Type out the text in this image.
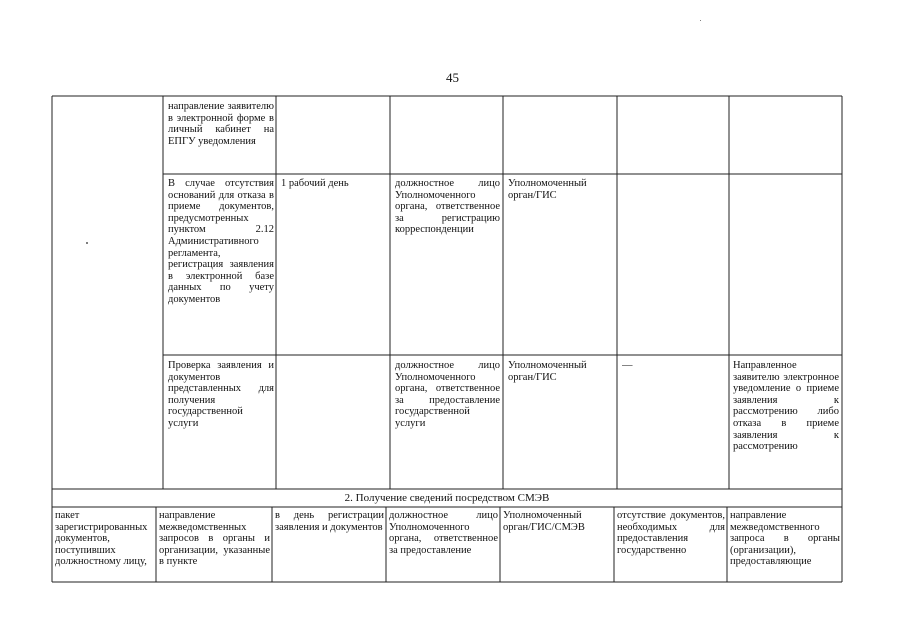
45
направление заявителю в электронной форме в личный кабинет на ЕПГУ уведомления
В случае отсутствия оснований для отказа в приеме документов, предусмотренных пунктом 2.12 Административного регламента, регистрация заявления в электронной базе данных по учету документов
1 рабочий день	должностное лицо Уполномоченного органа, ответственное за регистрацию корреспонденции
Уполномоченный орган/ГИС
Проверка заявления и документов представленных для получения государственной услуги
должностное лицо Уполномоченного органа, ответственное за предоставление государственной услуги
Уполномоченный орган/ГИС
—	Направленное заявителю электронное уведомление о приеме заявления к рассмотрению либо отказа в приеме заявления к рассмотрению
2. Получение сведений посредством СМЭВ
пакет зарегистрированных документов, поступивших должностному лицу,
направление межведомственных запросов в органы и организации, указанные в пункте
в день регистрации заявления и документов
должностное лицо Уполномоченного органа, ответственное за предоставление
Уполномоченный орган/ГИС/СМЭВ
отсутствие документов, необходимых для предоставления государственно
направление межведомственного запроса в органы (организации), предоставляющие
